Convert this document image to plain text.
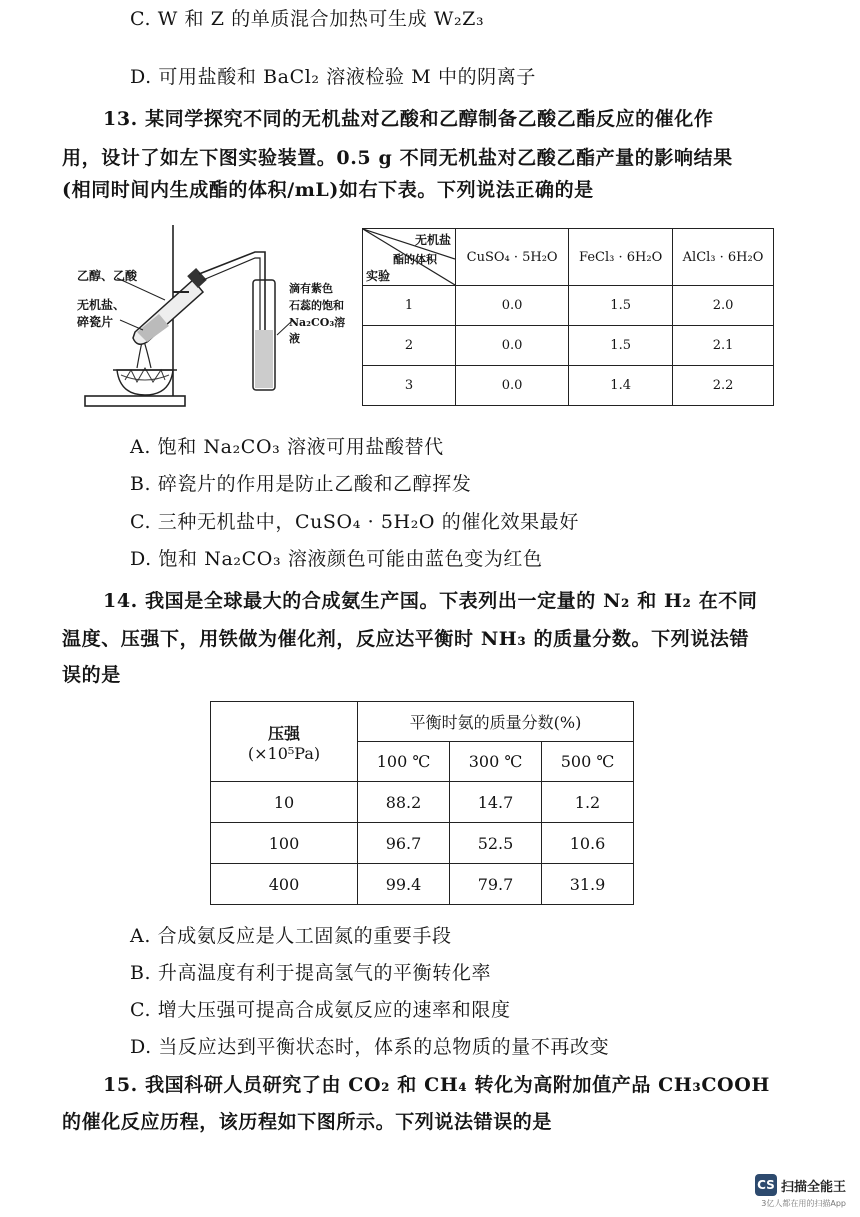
C. W 和 Z 的单质混合加热可生成 W₂Z₃
D. 可用盐酸和 BaCl₂ 溶液检验 M 中的阴离子
13. 某同学探究不同的无机盐对乙酸和乙醇制备乙酸乙酯反应的催化作
用，设计了如左下图实验装置。0.5 g 不同无机盐对乙酸乙酯产量的影响结果
(相同时间内生成酯的体积/mL)如右下表。下列说法正确的是
乙醇、乙酸
无机盐、
碎瓷片
滴有紫色
石蕊的饱和
Na₂CO₃溶液
无机盐
酯的体积
实验	CuSO₄ · 5H₂O	FeCl₃ · 6H₂O	AlCl₃ · 6H₂O
1	0.0	1.5	2.0
2	0.0	1.5	2.1
3	0.0	1.4	2.2
A. 饱和 Na₂CO₃ 溶液可用盐酸替代
B. 碎瓷片的作用是防止乙酸和乙醇挥发
C. 三种无机盐中，CuSO₄ · 5H₂O 的催化效果最好
D. 饱和 Na₂CO₃ 溶液颜色可能由蓝色变为红色
14. 我国是全球最大的合成氨生产国。下表列出一定量的 N₂ 和 H₂ 在不同
温度、压强下，用铁做为催化剂，反应达平衡时 NH₃ 的质量分数。下列说法错
误的是
压强
(×10⁵Pa)	平衡时氨的质量分数(%)		
	100 ℃	300 ℃	500 ℃
10	88.2	14.7	1.2
100	96.7	52.5	10.6
400	99.4	79.7	31.9
A. 合成氨反应是人工固氮的重要手段
B. 升高温度有利于提高氢气的平衡转化率
C. 增大压强可提高合成氨反应的速率和限度
D. 当反应达到平衡状态时，体系的总物质的量不再改变
15. 我国科研人员研究了由 CO₂ 和 CH₄ 转化为高附加值产品 CH₃COOH
的催化反应历程，该历程如下图所示。下列说法错误的是
CS 扫描全能王
3亿人都在用的扫描App
